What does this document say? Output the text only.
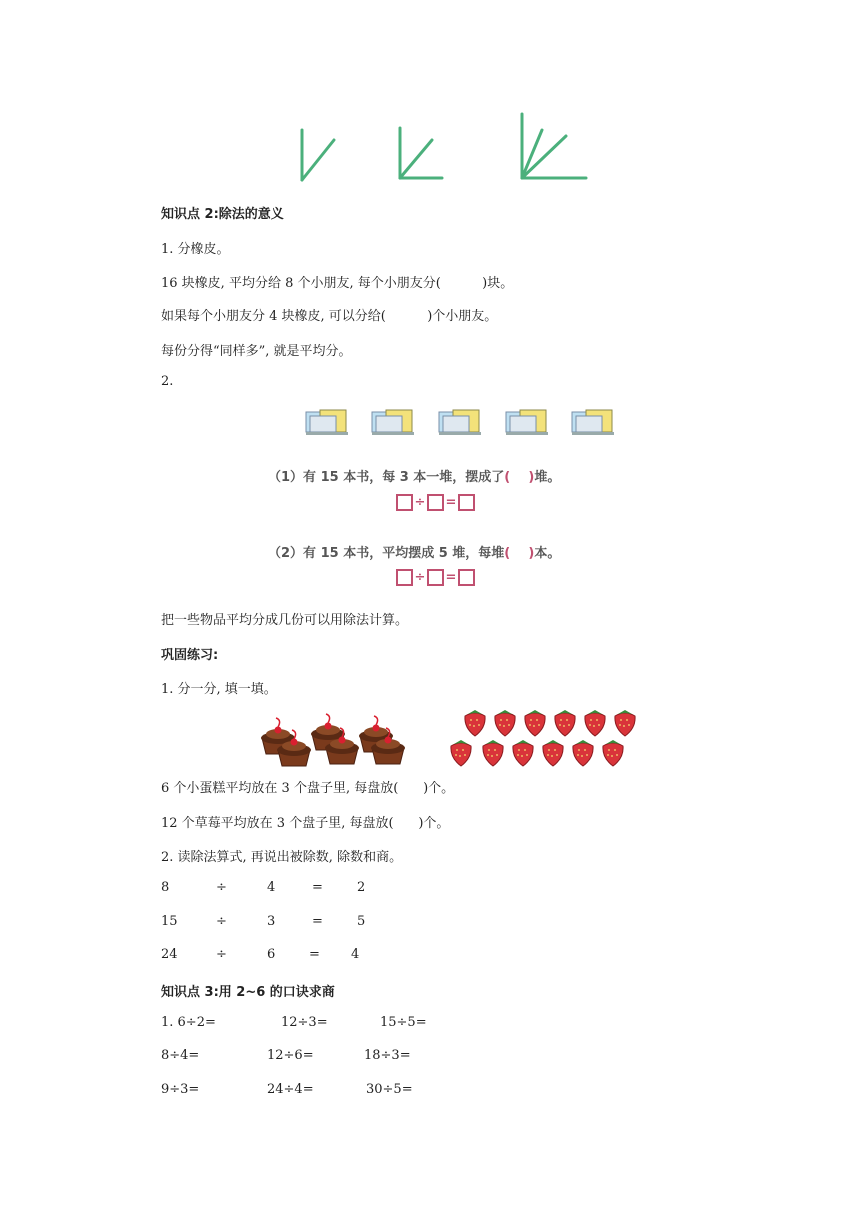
知识点 2:除法的意义
1. 分橡皮。
16 块橡皮, 平均分给 8 个小朋友, 每个小朋友分(          )块。
如果每个小朋友分 4 块橡皮, 可以分给(          )个小朋友。
每份分得“同样多”, 就是平均分。
2.
（1）有 15 本书，每 3 本一堆，摆成了( )堆。
÷ =
（2）有 15 本书，平均摆成 5 堆，每堆( )本。
÷ =
把一些物品平均分成几份可以用除法计算。
巩固练习:
1. 分一分, 填一填。
6 个小蛋糕平均放在 3 个盘子里, 每盘放(      )个。
12 个草莓平均放在 3 个盘子里, 每盘放(      )个。
2. 读除法算式, 再说出被除数, 除数和商。
8	÷	4	=	2
15	÷	3	=	5
24	÷	6	= 4
知识点 3:用 2~6 的口诀求商
1. 6÷2=	12÷3=	15÷5=
8÷4=	12÷6=	18÷3=
9÷3=	24÷4=	30÷5=
